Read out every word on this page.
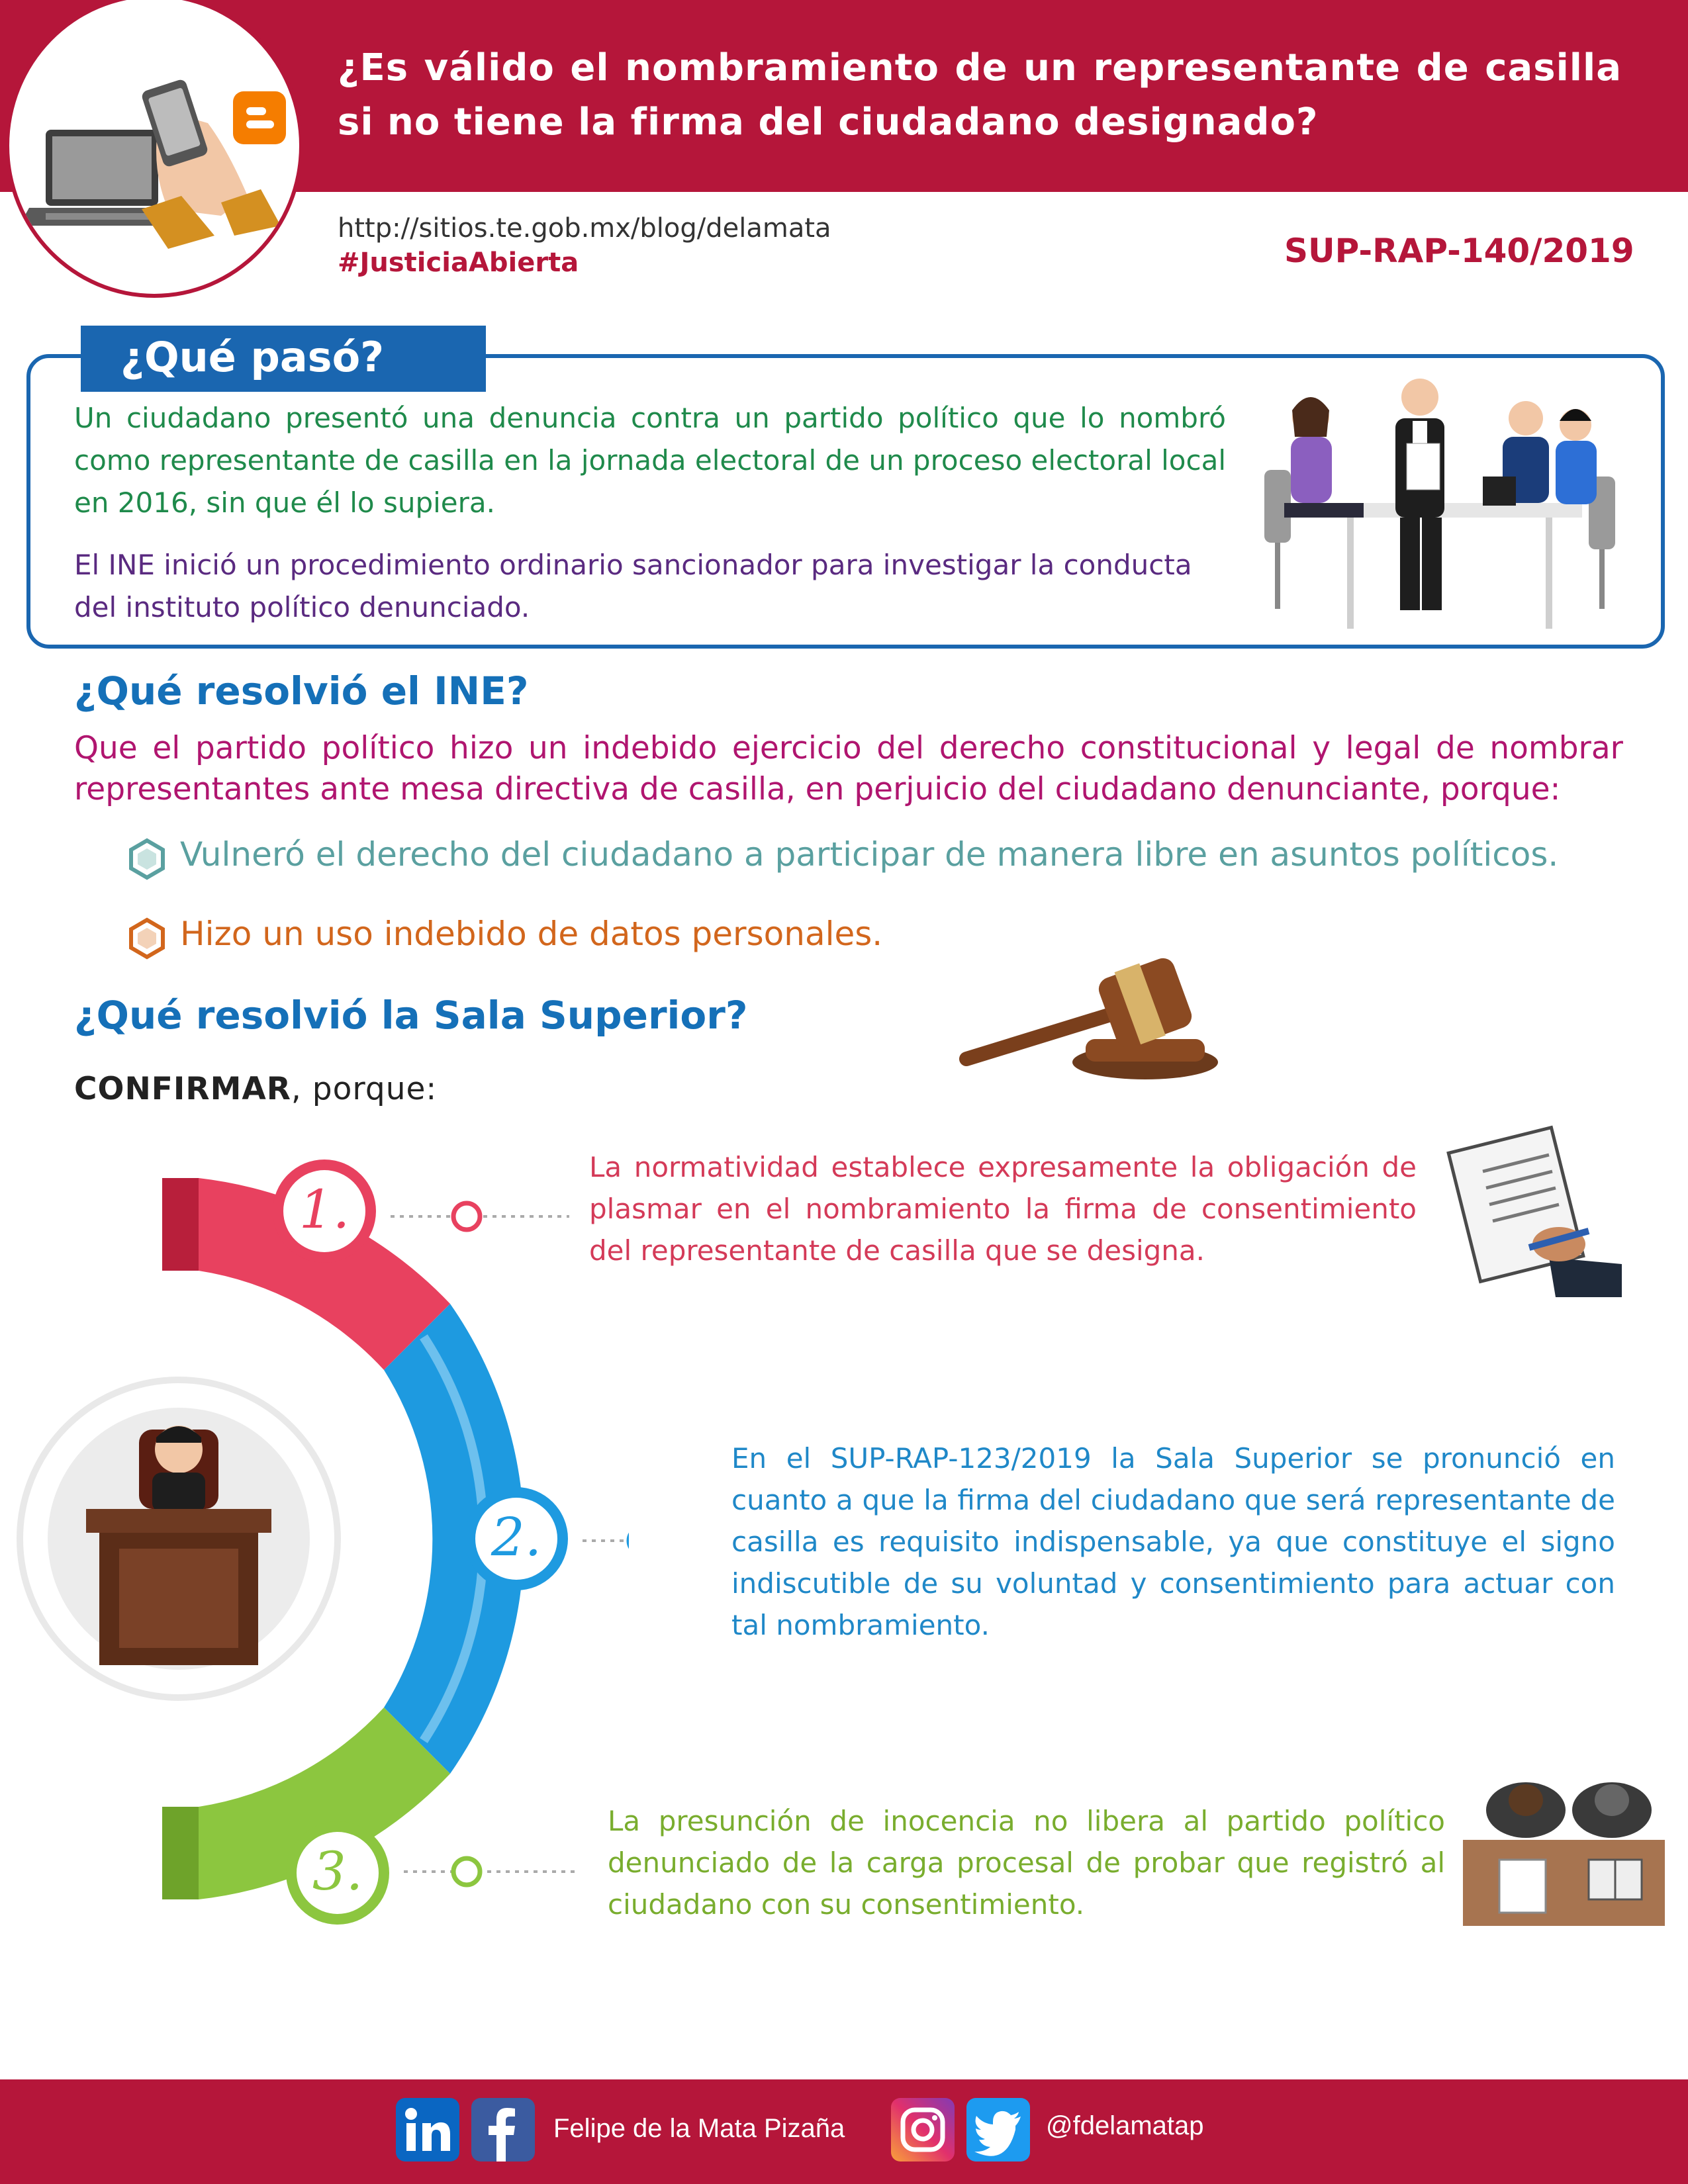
¿Es válido el nombramiento de un representante de casilla si no tiene la firma del ciudadano designado?
http://sitios.te.gob.mx/blog/delamata
#JusticiaAbierta	SUP-RAP-140/2019
¿Qué pasó?
Un ciudadano presentó una denuncia contra un partido político que lo nombró como representante de casilla en la jornada electoral de un proceso electoral local en 2016, sin que él lo supiera.
El INE inició un procedimiento ordinario sancionador para investigar la conducta del instituto político denunciado.
¿Qué resolvió el INE?
Que el partido político hizo un indebido ejercicio del derecho constitucional y legal de nombrar representantes ante mesa directiva de casilla, en perjuicio del ciudadano denunciante, porque:
Vulneró el derecho del ciudadano a participar de manera libre en asuntos políticos.
Hizo un uso indebido de datos personales.
¿Qué resolvió la Sala Superior?
CONFIRMAR, porque:
1.
2.
3.
La normatividad establece expresamente la obligación de plasmar en el nombramiento la firma de consentimiento del representante de casilla que se designa.
En el SUP-RAP-123/2019 la Sala Superior se pronunció en cuanto a que la firma del ciudadano que será representante de casilla es requisito indispensable, ya que constituye el signo indiscutible de su voluntad y consentimiento para actuar con tal nombramiento.
La presunción de inocencia no libera al partido político denunciado de la carga procesal de probar que registró al ciudadano con su consentimiento.
Felipe de la Mata Pizaña	@fdelamatap
